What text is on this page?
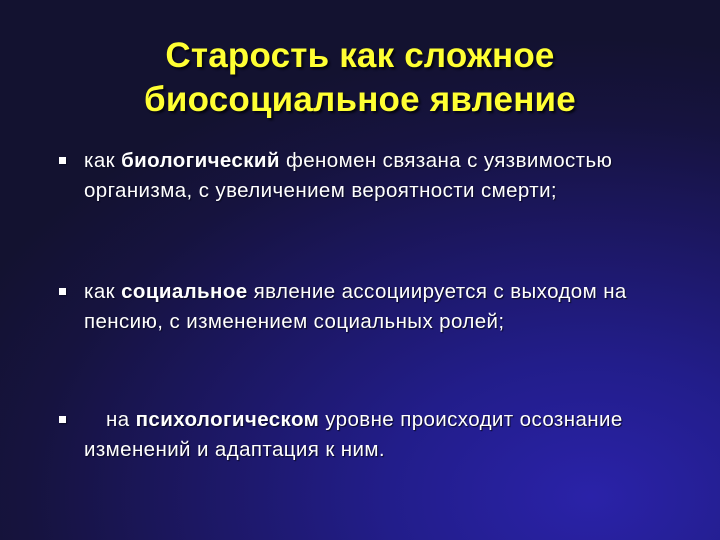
Старость как сложное
биосоциальное явление
как биологический феномен связана с уязвимостью организма, с увеличением вероятности смерти;
как социальное явление ассоциируется с выходом на пенсию, с изменением социальных ролей;
на психологическом уровне происходит осознание изменений и адаптация к ним.
